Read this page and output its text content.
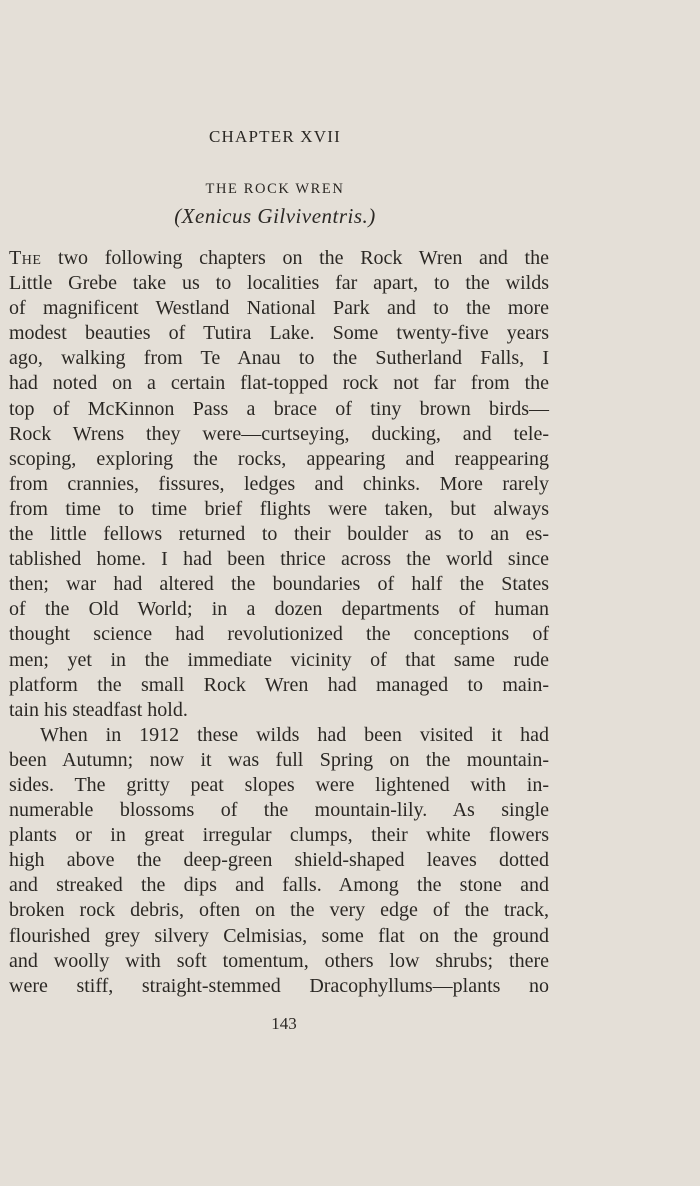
CHAPTER XVII
THE ROCK WREN
(Xenicus Gilviventris.)
The two following chapters on the Rock Wren and the
Little Grebe take us to localities far apart, to the wilds
of magnificent Westland National Park and to the more
modest beauties of Tutira Lake. Some twenty-five years
ago, walking from Te Anau to the Sutherland Falls, I
had noted on a certain flat-topped rock not far from the
top of McKinnon Pass a brace of tiny brown birds—
Rock Wrens they were—curtseying, ducking, and tele-
scoping, exploring the rocks, appearing and reappearing
from crannies, fissures, ledges and chinks. More rarely
from time to time brief flights were taken, but always
the little fellows returned to their boulder as to an es-
tablished home. I had been thrice across the world since
then; war had altered the boundaries of half the States
of the Old World; in a dozen departments of human
thought science had revolutionized the conceptions of
men; yet in the immediate vicinity of that same rude
platform the small Rock Wren had managed to main-
tain his steadfast hold.
When in 1912 these wilds had been visited it had
been Autumn; now it was full Spring on the mountain-
sides. The gritty peat slopes were lightened with in-
numerable blossoms of the mountain-lily. As single
plants or in great irregular clumps, their white flowers
high above the deep-green shield-shaped leaves dotted
and streaked the dips and falls. Among the stone and
broken rock debris, often on the very edge of the track,
flourished grey silvery Celmisias, some flat on the ground
and woolly with soft tomentum, others low shrubs; there
were stiff, straight-stemmed Dracophyllums—plants no
143
